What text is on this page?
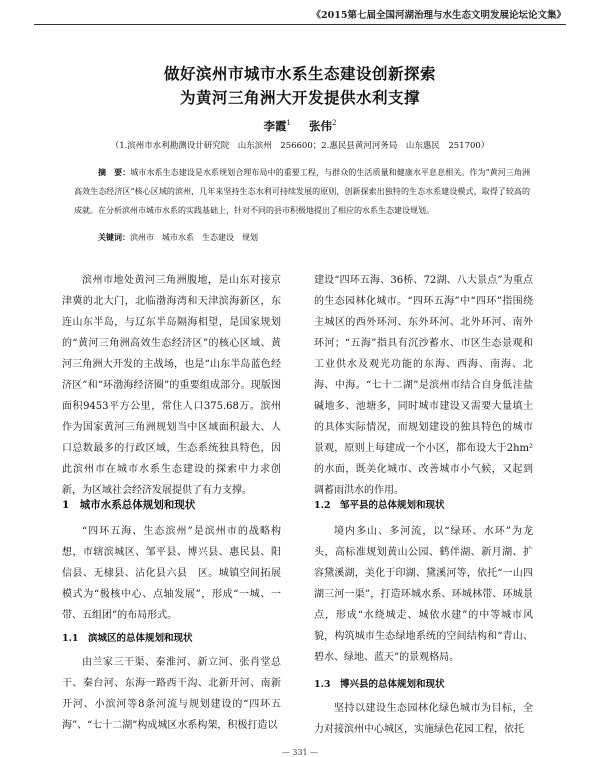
《2015第七届全国河湖治理与水生态文明发展论坛论文集》
做好滨州市城市水系生态建设创新探索
为黄河三角洲大开发提供水利支撑
李霞$^1$ 张伟$^2$
（1.滨州市水利勘测设计研究院　山东滨州　256600；2.惠民县黄河河务局　山东惠民　251700）
摘　要：城市水系生态建设是水系规划合理布局中的重要工程，与群众的生活质量和健康水平息息相关。作为“黄河三角洲高效生态经济区”核心区域的滨州，几年来坚持生态水利可持续发展的原则，创新探索出独特的生态水系建设模式，取得了较高的成就。在分析滨州市城市水系的实践基础上，针对不同的县市积极地提出了相应的水系生态建设规划。
关键词：滨州市　城市水系　生态建设　规划

滨州市地处黄河三角洲腹地，是山东对接京津冀的北大门，北临渤海湾和天津滨海新区，东连山东半岛，与辽东半岛隔海相望，是国家规划的“黄河三角洲高效生态经济区”的核心区域、黄河三角洲大开发的主战场，也是“山东半岛蓝色经济区”和“环渤海经济圈”的重要组成部分。现版图面积9453平方公里，常住人口375.68万。滨州作为国家黄河三角洲规划当中区域面积最大、人口总数最多的行政区域，生态系统独具特色，因此滨州市在城市水系生态建设的探索中力求创新，为区域社会经济发展提供了有力支撑。

1　城市水系总体规划和现状

“四环五海、生态滨州”是滨州市的战略构想，市辖滨城区、邹平县、博兴县、惠民县、阳信县、无棣县、沾化县六县　区。城镇空间拓展模式为“极核中心、点轴发展”，形成“一城、一带、五组团”的布局形式。

1.1　滨城区的总体规划和现状

由兰家三干渠、秦淮河、新立河、张肖堂总干、秦台河、东海一路西干沟、北新开河、南新开河、小滨河等8条河流与规划建设的“四环五海”、“七十二湖”构成城区水系构架，积极打造以

建设“四环五海、36桥、72湖、八大景点”为重点的生态园林化城市。“四环五海”中“四环”指围绕主城区的西外环河、东外环河、北外环河、南外环河；“五海”指具有沉沙蓄水、市区生态景观和工业供水及观光功能的东海、西海、南海、北海、中海。“七十二湖”是滨州市结合自身低洼盐碱地多、池塘多，同时城市建设又需要大量填土的具体实际情况，而规划建设的独具特色的城市景观，原则上每建成一个小区，都布设大于2hm²的水面，既美化城市、改善城市小气候，又起到调蓄雨洪水的作用。

1.2　邹平县的总体规划和现状

境内多山、多河流，以“绿环、水环”为龙头，高标准规划黄山公园、鹤伴湖、新月湖、扩容黛溪湖，美化于印湖、黛溪河等，依托“一山四湖三河一渠”，打造环城水系、环城林带、环城景点，形成“水绕城走、城依水建”的中等城市风貌，构筑城市生态绿地系统的空间结构和“青山、碧水、绿地、蓝天”的景观格局。

1.3　博兴县的总体规划和现状

坚持以建设生态园林化绿色城市为目标，全力对接滨州中心城区，实施绿色花园工程，依托

— 331 —
